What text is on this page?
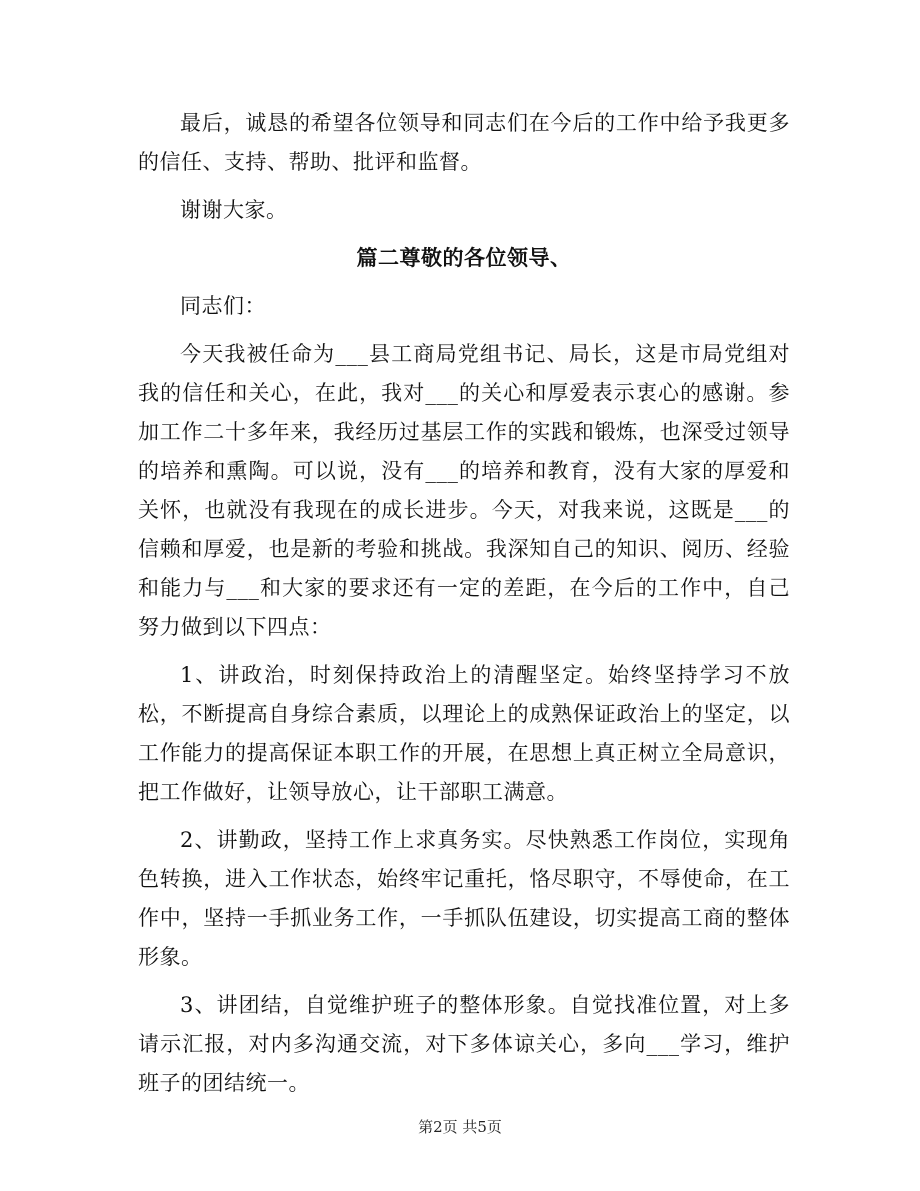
最后，诚恳的希望各位领导和同志们在今后的工作中给予我更多的信任、支持、帮助、批评和监督。

谢谢大家。

篇二尊敬的各位领导、

同志们：

今天我被任命为___县工商局党组书记、局长，这是市局党组对我的信任和关心，在此，我对___的关心和厚爱表示衷心的感谢。参加工作二十多年来，我经历过基层工作的实践和锻炼，也深受过领导的培养和熏陶。可以说，没有___的培养和教育，没有大家的厚爱和关怀，也就没有我现在的成长进步。今天，对我来说，这既是___的信赖和厚爱，也是新的考验和挑战。我深知自己的知识、阅历、经验和能力与___和大家的要求还有一定的差距，在今后的工作中，自己努力做到以下四点：

1、讲政治，时刻保持政治上的清醒坚定。始终坚持学习不放松，不断提高自身综合素质，以理论上的成熟保证政治上的坚定，以工作能力的提高保证本职工作的开展，在思想上真正树立全局意识，把工作做好，让领导放心，让干部职工满意。

2、讲勤政，坚持工作上求真务实。尽快熟悉工作岗位，实现角色转换，进入工作状态，始终牢记重托，恪尽职守，不辱使命，在工作中，坚持一手抓业务工作，一手抓队伍建设，切实提高工商的整体形象。

3、讲团结，自觉维护班子的整体形象。自觉找准位置，对上多请示汇报，对内多沟通交流，对下多体谅关心，多向___学习，维护班子的团结统一。

第2页 共5页
